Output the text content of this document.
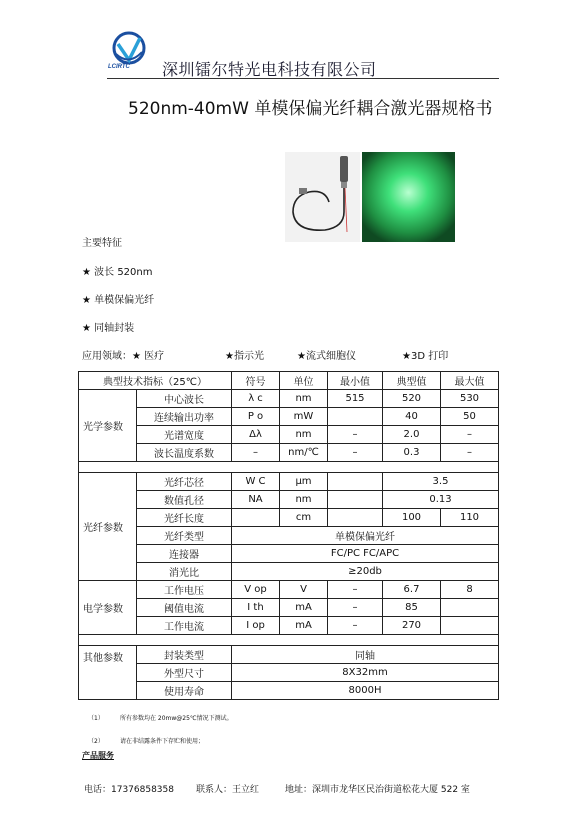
LCIRTC 深圳镭尔特光电科技有限公司
520nm-40mW 单模保偏光纤耦合激光器规格书
主要特征
★ 波长 520nm
★ 单模保偏光纤
★ 同轴封装
应用领域：★ 医疗	★指示光	★流式细胞仪	★3D 打印
典型技术指标（25℃）		符号	单位	最小值	典型值	最大值
光学参数	中心波长	λ c	nm	515	520	530
	连续输出功率	P o	mW		40	50
	光谱宽度	Δλ	nm	–	2.0	–
	波长温度系数	–	nm/℃	–	0.3	–

光纤参数	光纤芯径	W C	μm		3.5	
	数值孔径	NA	nm		0.13	
	光纤长度		cm		100	110
	光纤类型	单模保偏光纤				
	连接器	FC/PC FC/APC				
	消光比	≥20db				
电学参数	工作电压	V op	V	–	6.7	8
	阈值电流	I th	mA	–	85	
	工作电流	I op	mA	–	270	

其他参数	封装类型	同轴				
	外型尺寸	8X32mm				
	使用寿命	8000H				
（1）	所有参数均在 20mw@25℃情况下测试。
（2）	请在非结露条件下存贮和使用；
产品服务
电话：17376858358 联系人：王立红	地址：深圳市龙华区民治街道松花大厦 522 室
